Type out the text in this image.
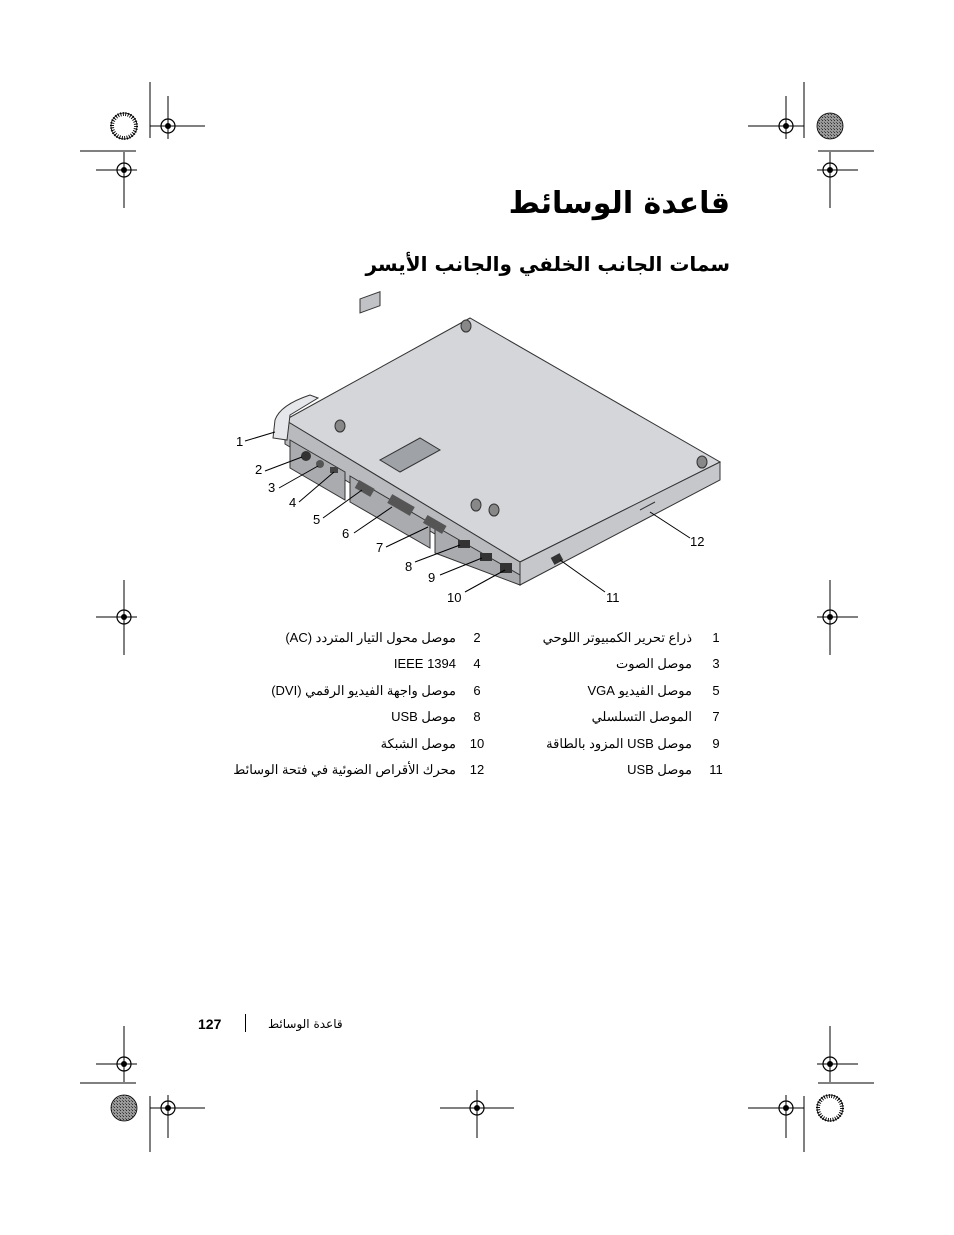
1
2
3
4
5
6
7
8
9
10	11
12
قاعدة الوسائط
سمات الجانب الخلفي والجانب الأيسر
1
ذراع تحرير الكمبيوتر اللوحي
3
موصل الصوت
5
موصل الفيديو VGA
7
الموصل التسلسلي
9
موصل USB المزود بالطاقة
11
موصل USB
2
موصل محول التيار المتردد (AC)
4
IEEE 1394
6
موصل واجهة الفيديو الرقمي (DVI)
8
موصل USB
10
موصل الشبكة
12
محرك الأقراص الضوئية في فتحة الوسائط
127	قاعدة الوسائط
